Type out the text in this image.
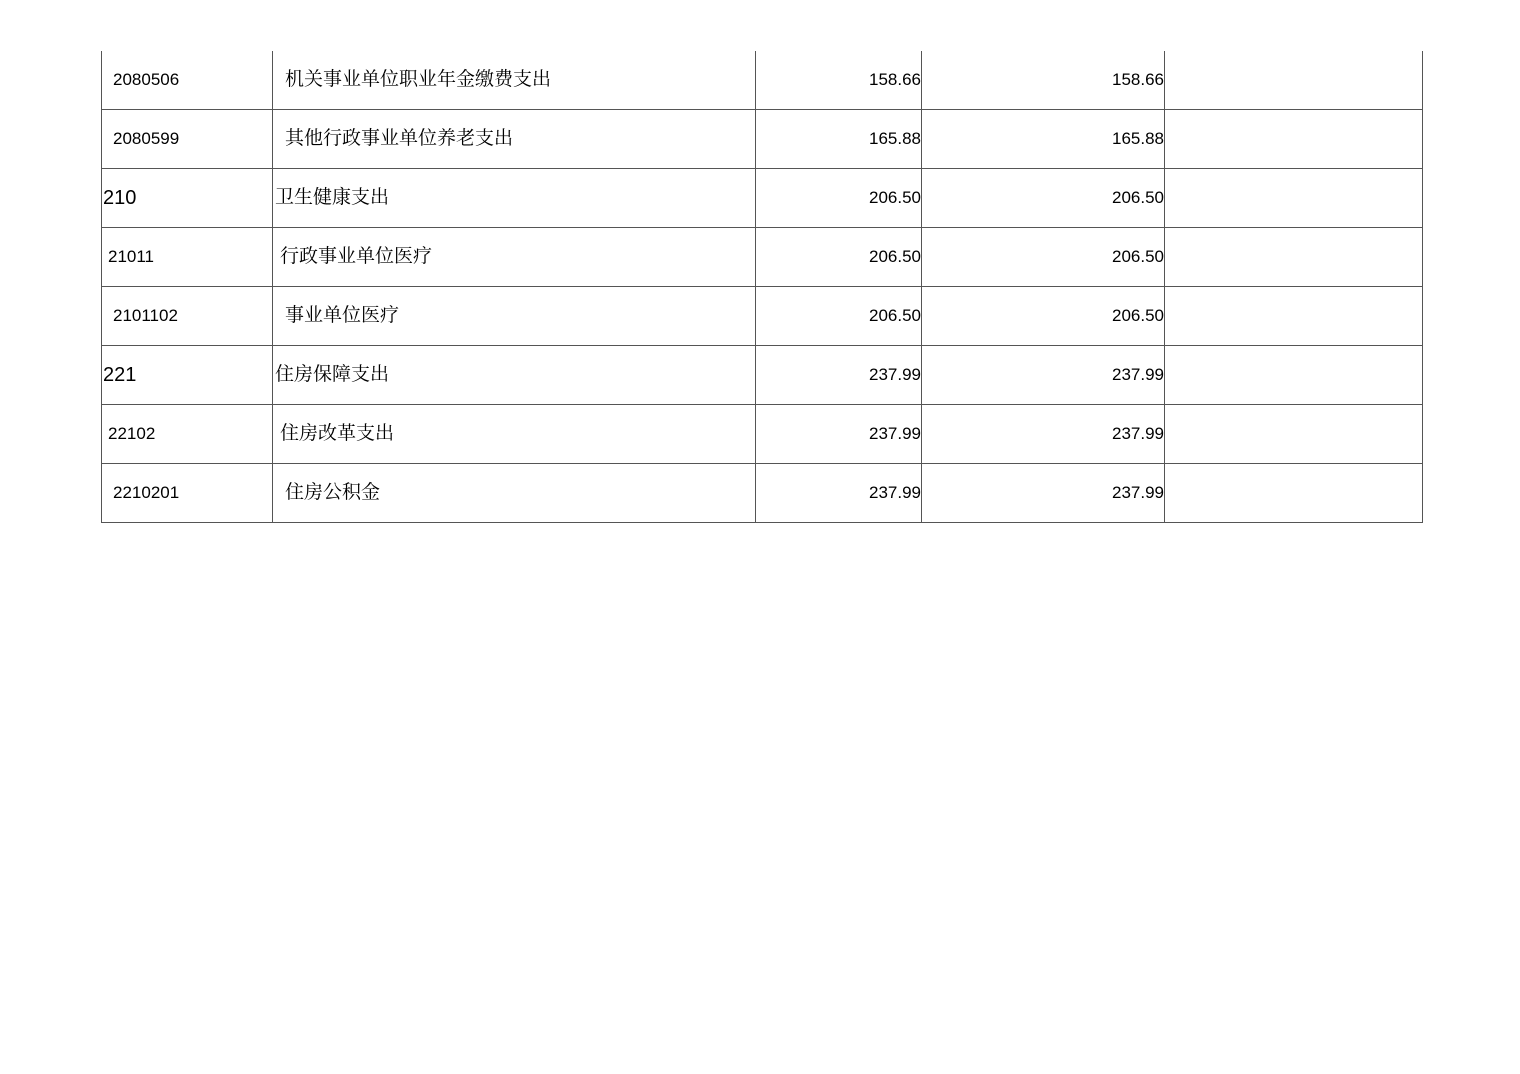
2080506	机关事业单位职业年金缴费支出	158.66	158.66
2080599	其他行政事业单位养老支出	165.88	165.88
210	卫生健康支出	206.50	206.50
21011	行政事业单位医疗	206.50	206.50
2101102	事业单位医疗	206.50	206.50
221	住房保障支出	237.99	237.99
22102	住房改革支出	237.99	237.99
2210201	住房公积金	237.99	237.99
